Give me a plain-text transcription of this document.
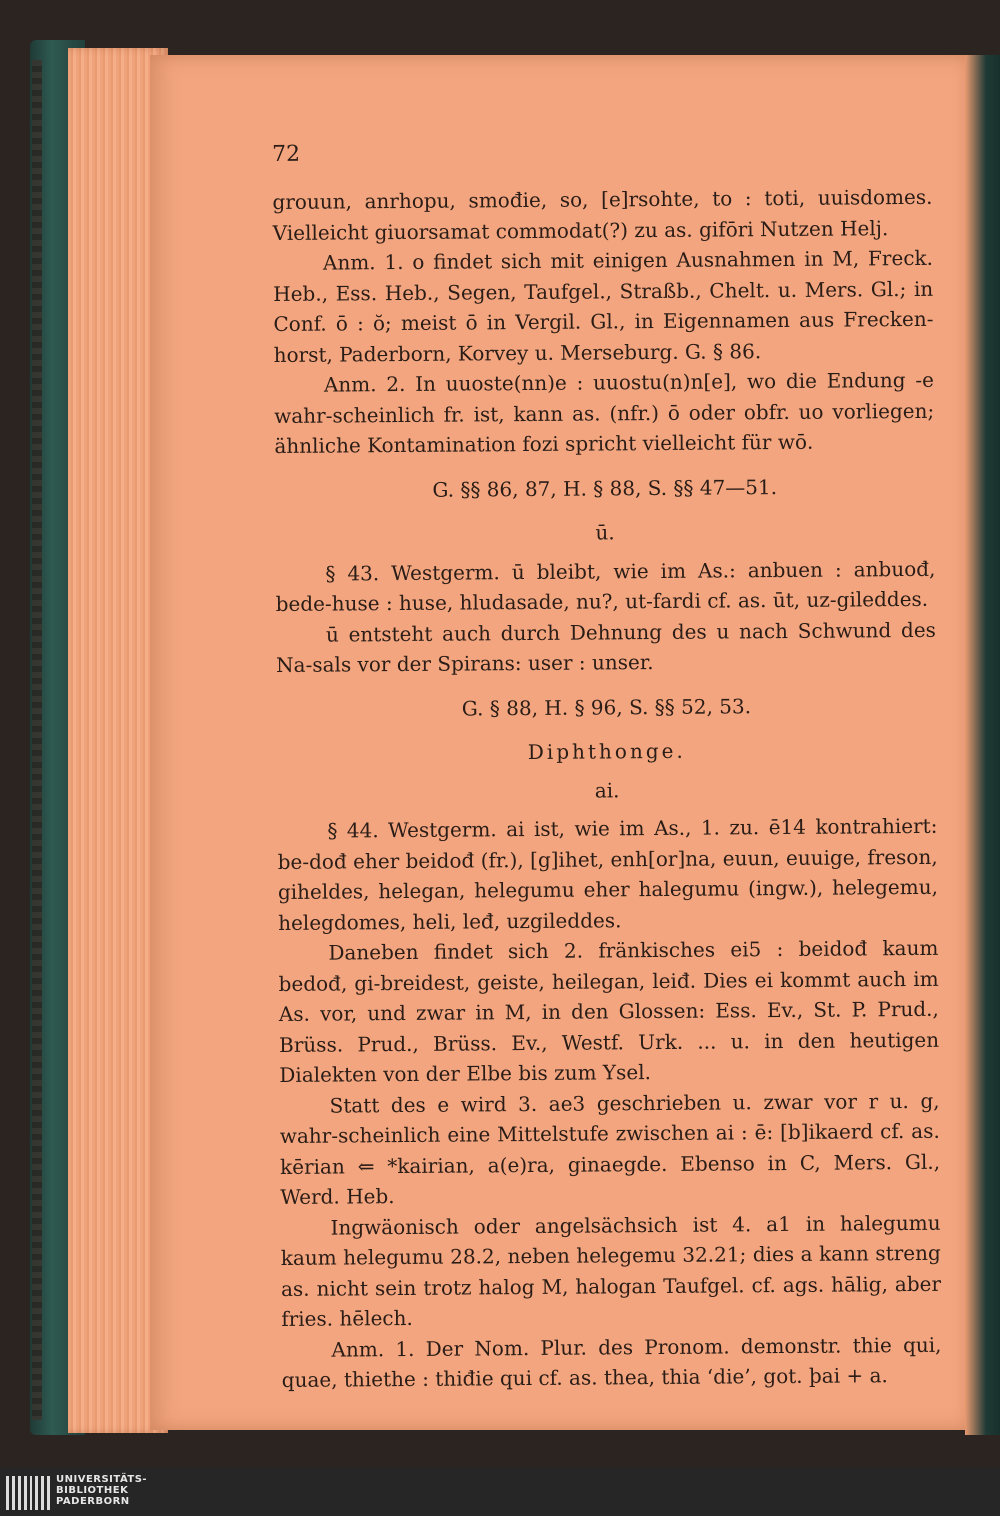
72

grouun, anrhopu, smođie, so, [e]rsohte, to : toti, uuisdomes. Vielleicht giuorsamat commodat(?) zu as. gifōri Nutzen Helj.

Anm. 1. o findet sich mit einigen Ausnahmen in M, Freck. Heb., Ess. Heb., Segen, Taufgel., Straßb., Chelt. u. Mers. Gl.; in Conf. ō : ŏ; meist ō in Vergil. Gl., in Eigennamen aus Frecken-horst, Paderborn, Korvey u. Merseburg. G. § 86.

Anm. 2. In uuoste(nn)e : uuostu(n)n[e], wo die Endung -e wahr-scheinlich fr. ist, kann as. (nfr.) ō oder obfr. uo vorliegen; ähnliche Kontamination fozi spricht vielleicht für wō.

G. §§ 86, 87, H. § 88, S. §§ 47—51.

ū.

§ 43. Westgerm. ū bleibt, wie im As.: anbuen : anbuođ, bede-huse : huse, hludasade, nu?, ut-fardi cf. as. ūt, uz-gileddes.

ū entsteht auch durch Dehnung des u nach Schwund des Na-sals vor der Spirans: user : unser.

G. § 88, H. § 96, S. §§ 52, 53.

Diphthonge.

ai.

§ 44. Westgerm. ai ist, wie im As., 1. zu. ē14 kontrahiert: be-dođ eher beidođ (fr.), [g]ihet, enh[or]na, euun, euuige, freson, giheldes, helegan, helegumu eher halegumu (ingw.), helegemu, helegdomes, heli, leđ, uzgileddes.

Daneben findet sich 2. fränkisches ei5 : beidođ kaum bedođ, gi-breidest, geiste, heilegan, leiđ. Dies ei kommt auch im As. vor, und zwar in M, in den Glossen: Ess. Ev., St. P. Prud., Brüss. Prud., Brüss. Ev., Westf. Urk. ... u. in den heutigen Dialekten von der Elbe bis zum Ysel.

Statt des e wird 3. ae3 geschrieben u. zwar vor r u. g, wahr-scheinlich eine Mittelstufe zwischen ai : ē: [b]ikaerd cf. as. kērian ⇐ *kairian, a(e)ra, ginaegde. Ebenso in C, Mers. Gl., Werd. Heb.

Ingwäonisch oder angelsächsich ist 4. a1 in halegumu kaum helegumu 28.2, neben helegemu 32.21; dies a kann streng as. nicht sein trotz halog M, halogan Taufgel. cf. ags. hālig, aber fries. hēlech.

Anm. 1. Der Nom. Plur. des Pronom. demonstr. thie qui, quae, thiethe : thiđie qui cf. as. thea, thia ‘die’, got. þai + a.

UNIVERSITÄTS-
BIBLIOTHEK
PADERBORN
